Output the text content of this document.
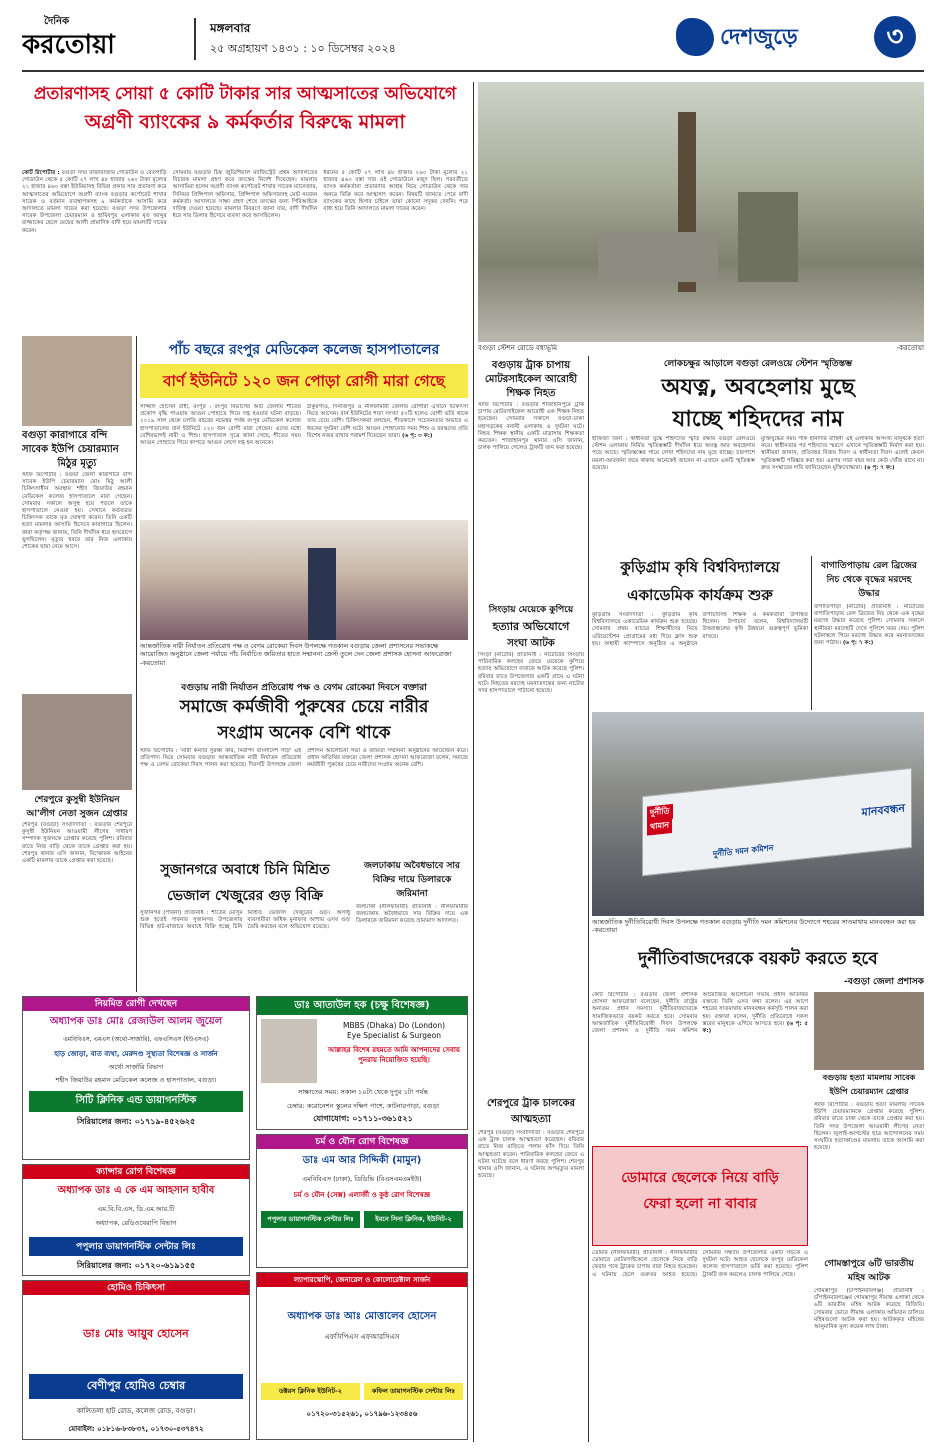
দৈনিক
করতোয়া
মঙ্গলবার
২৫ অগ্রহায়ণ ১৪৩১ : ১০ ডিসেম্বর ২০২৪	দেশজুড়ে	৩
প্রতারণাসহ সোয়া ৫ কোটি টাকার সার আত্মসাতের অভিযোগে
অগ্রণী ব্যাংকের ৯ কর্মকর্তার বিরুদ্ধে মামলা
কোর্ট রিপোর্টার : বগুড়া সদর রাজাবাজার গোডাউন ও বেতগাড়ি গোডাউন থেকে ৫ কোটি ২৭ লাখ ৪৮ হাজার ২৬০ টাকা মূল্যের ২১ হাজার ৪৬০ বস্তা ইউরিয়াসহ বিভিন্ন প্রকার সার প্রতারণা করে আত্মসাতের অভিযোগে অগ্রণী ব্যাংক বগুড়ার কর্পোরেট শাখার সাবেক ও বর্তমান ব্যবস্থাপকসহ ৯ কর্মকর্তাকে আসামি করে আদালতে মামলা দায়ের করা হয়েছে। বগুড়া সদর উপজেলার সাবেক উপজেলা চেয়ারম্যান ও হাবিবপুর এলাকার মৃত আব্দুর রাজ্জাকের ছেলে মেছের আলী প্রামাণিক বাদী হয়ে মামলাটি দায়ের করেন।
সোমবার বগুড়ার চিফ জুডিশিয়াল ম্যাজিস্ট্রেট প্রথম আদালতের বিচারক মামলা গ্রহণ করে তদন্তের নির্দেশ দিয়েছেন। মামলার আসামিরা হলেন অগ্রণী ব্যাংক কর্পোরেট শাখার সাবেক ম্যানেজার, সিনিয়র প্রিন্সিপাল অফিসার, প্রিন্সিপাল অফিসারসহ মোট নয়জন কর্মকর্তা। আদালতে সাক্ষ্য গ্রহণ শেষে তদন্তের জন্য পিবিআইকে দায়িত্ব দেওয়া হয়েছে। মামলার বিবরণে জানা যায়, বাদী দীর্ঘদিন ধরে সার ডিলার হিসেবে ব্যবসা করে আসছিলেন।
ধরনের ৫ কোটি ২৭ লাখ ৪৮ হাজার ২৬০ টাকা মূল্যের ২১ হাজার ৪৬০ বস্তা সার ওই গোডাউনে মজুদ ছিল। পরবর্তীতে ব্যাংক কর্মকর্তারা প্রতারণার আশ্রয় নিয়ে গোডাউন থেকে সার অন্যত্র বিক্রি করে আত্মসাৎ করেন। বিষয়টি জানতে পেরে বাদী ব্যাংকের কাছে হিসাব চাইলে তারা কোনো সদুত্তর দেননি। পরে বাধ্য হয়ে তিনি আদালতে মামলা দায়ের করেন।
বগুড়া স্টেশন রোডে বধ্যভূমি	-করতোয়া
বগুড়া কারাগারে বন্দি
সাবেক ইউপি চেয়ারম্যান
মিঠুর মৃত্যু
স্টাফ রিপোর্টার : বগুড়া জেলা কারাগারে বন্দি সাবেক ইউপি চেয়ারম্যান মোঃ মিঠু আলী চিকিৎসাধীন অবস্থায় শহীদ জিয়াউর রহমান মেডিকেল কলেজ হাসপাতালে মারা গেছেন। সোমবার সকালে অসুস্থ হয়ে পড়লে তাকে হাসপাতালে নেওয়া হয়। সেখানে কর্তব্যরত চিকিৎসক তাকে মৃত ঘোষণা করেন। তিনি একটি হত্যা মামলার আসামি হিসেবে কারাগারে ছিলেন। কারা কর্তৃপক্ষ জানায়, তিনি দীর্ঘদিন ধরে হৃদরোগে ভুগছিলেন। মৃত্যুর খবরে তার নিজ এলাকায় শোকের ছায়া নেমে আসে।
পাঁচ বছরে রংপুর মেডিকেল কলেজ হাসপাতালের
বার্ণ ইউনিটে ১২০ জন পোড়া রোগী মারা গেছে
সাজ্জাদ হোসেন রাহী, রংপুর : রংপুর বিভাগের আট জেলায় শীতের প্রকোপ বৃদ্ধি পাওয়ায় আগুন পোহাতে গিয়ে দগ্ধ হওয়ার ঘটনা বাড়ছে। ২০১৯ সাল থেকে চলতি বছরের নভেম্বর পর্যন্ত রংপুর মেডিকেল কলেজ হাসপাতালের বার্ন ইউনিটে ১২০ জন রোগী মারা গেছেন। এদের মধ্যে বেশিরভাগই নারী ও শিশু। হাসপাতাল সূত্রে জানা গেছে, শীতের সময় আগুন পোহাতে গিয়ে কাপড়ে আগুন লেগে দগ্ধ হন অনেকে।
ঠাকুরগাঁও, দিনাজপুর ও নীলফামারী জেলার রোগীরা এখানে চিকিৎসা নিতে আসেন। বার্ন ইউনিটের শয্যা সংখ্যা ৫০টি হলেও রোগী ভর্তি থাকে তার চেয়ে বেশি। চিকিৎসকরা বলছেন, শীতকালে সচেতনতার অভাবে এ ধরনের দুর্ঘটনা বেশি ঘটে। আগুন পোহানোর সময় শিশু ও বয়স্কদের প্রতি বিশেষ নজর রাখার পরামর্শ দিয়েছেন তারা। (৬ পৃ: ৩ ক:)
আন্তর্জাতিক নারী নির্যাতন প্রতিরোধ পক্ষ ও বেগম রোকেয়া দিবস উপলক্ষে গতকাল বগুড়ায় জেলা প্রশাসনের সভাকক্ষে আয়োজিত অনুষ্ঠানে জেলা পর্যায়ে পাঁচ নির্বাচিত জয়িতার হাতে সম্মাননা ক্রেস্ট তুলে দেন জেলা প্রশাসক হোসনা আফরোজা -করতোয়া
বগুড়ায় নারী নির্যাতন প্রতিরোধ পক্ষ ও বেগম রোকেয়া দিবসে বক্তারা
সমাজে কর্মজীবী পুরুষের চেয়ে নারীর
সংগ্রাম অনেক বেশি থাকে
স্টাফ রিপোর্টার : 'নারী কন্যার সুরক্ষা করি, নিরাপদ বাংলাদেশ গড়ি' এই প্রতিপাদ্য নিয়ে সোমবার বগুড়ায় আন্তর্জাতিক নারী নির্যাতন প্রতিরোধ পক্ষ ও বেগম রোকেয়া দিবস পালন করা হয়েছে। দিবসটি উপলক্ষে জেলা প্রশাসন আলোচনা সভা ও জয়িতা সম্মাননা অনুষ্ঠানের আয়োজন করে। প্রধান অতিথির বক্তব্যে জেলা প্রশাসক হোসনা আফরোজা বলেন, সমাজে কর্মজীবী পুরুষের চেয়ে নারীদের সংগ্রাম অনেক বেশি।
শেরপুরে কুসুম্বী ইউনিয়ন
আ'লীগ নেতা সুজন গ্রেপ্তার
শেরপুর (বগুড়া) সংবাদদাতা : বগুড়ার শেরপুরে কুসুম্বী ইউনিয়ন আওয়ামী লীগের সাধারণ সম্পাদক সুজনকে গ্রেপ্তার করেছে পুলিশ। রবিবার রাতে নিজ বাড়ি থেকে তাকে গ্রেপ্তার করা হয়। শেরপুর থানার ওসি জানান, বিস্ফোরক আইনের একটি মামলায় তাকে গ্রেপ্তার করা হয়েছে।
সুজানগরে অবাধে চিনি মিশ্রিত
ভেজাল খেজুরের গুড় বিক্রি
সুজানগর (পাবনা) প্রতিনিধি : শীতের মৌসুম শুরু হতেই পাবনার সুজানগর উপজেলার বিভিন্ন হাট-বাজারে অবাধে বিক্রি হচ্ছে চিনি মিশ্রিত ভেজাল খেজুরের গুড়। অসাধু ব্যবসায়ীরা অধিক মুনাফার আশায় এসব গুড় তৈরি করছেন বলে অভিযোগ রয়েছে।
জলঢাকায় অবৈধভাবে সার
বিক্রির দায়ে ডিলারকে
জরিমানা
জলঢাকা (নীলফামারী) প্রতিনিধি : নীলফামারীর জলঢাকায় অবৈধভাবে সার বিক্রির দায়ে এক ডিলারকে জরিমানা করেছে ভ্রাম্যমাণ আদালত।
বগুড়ায় ট্রাক চাপায়
মোটরসাইকেল আরোহী
শিক্ষক নিহত
স্টাফ রিপোর্টার : বগুড়ার শাজাহানপুরে ট্রাক চাপায় মোটরসাইকেল আরোহী এক শিক্ষক নিহত হয়েছেন। সোমবার সকালে বগুড়া-ঢাকা মহাসড়কের বনানী এলাকায় এ দুর্ঘটনা ঘটে। নিহত শিক্ষক স্থানীয় একটি মাদ্রাসায় শিক্ষকতা করতেন। শাজাহানপুর থানার ওসি জানান, চালক পালিয়ে গেলেও ট্রাকটি জব্দ করা হয়েছে।
সিংড়ায় মেয়েকে কুপিয়ে
হত্যার অভিযোগে
সংঘা আটক
সিংড়া (নাটোর) প্রতিনিধি : নাটোরের সিংড়ায় পারিবারিক কলহের জেরে মেয়েকে কুপিয়ে হত্যার অভিযোগে বাবাকে আটক করেছে পুলিশ। রবিবার রাতে উপজেলার একটি গ্রামে এ ঘটনা ঘটে। নিহতের মরদেহ ময়নাতদন্তের জন্য নাটোর সদর হাসপাতালে পাঠানো হয়েছে।
লোকচক্ষুর আড়ালে বগুড়া রেলওয়ে স্টেশন স্মৃতিস্তম্ভ
অযত্ন, অবহেলায় মুছে
যাচ্ছে শহিদদের নাম
হাফিজা বিনা : স্বাধীনতা যুদ্ধে শহিদদের স্মৃতি রক্ষায় বগুড়া রেলওয়ে স্টেশন এলাকায় নির্মিত স্মৃতিস্তম্ভটি দীর্ঘদিন ধরে অযত্ন আর অবহেলায় পড়ে আছে। স্মৃতিস্তম্ভের গায়ে লেখা শহিদদের নাম মুছে যাচ্ছে। চারপাশে ময়লা-আবর্জনা জমে থাকায় অনেকেই জানেন না এখানে একটি স্মৃতিস্তম্ভ রয়েছে।
মুক্তিযুদ্ধের সময় পাক হানাদার বাহিনী এই এলাকায় অসংখ্য মানুষকে হত্যা করে। স্বাধীনতার পর শহিদদের স্মরণে এখানে স্মৃতিস্তম্ভটি নির্মাণ করা হয়। স্থানীয়রা জানান, প্রতিবছর বিজয় দিবস ও স্বাধীনতা দিবস এলেই কেবল স্মৃতিস্তম্ভটি পরিষ্কার করা হয়। এরপর সারা বছর আর কেউ খোঁজ রাখে না। দ্রুত সংস্কারের দাবি জানিয়েছেন মুক্তিযোদ্ধারা। (৬ পৃ: ৭ ক:)
কুড়িগ্রাম কৃষি বিশ্ববিদ্যালয়ে
একাডেমিক কার্যক্রম শুরু
কুড়িগ্রাম সংবাদদাতা : কুড়িগ্রাম কৃষি বিশ্ববিদ্যালয়ে একাডেমিক কার্যক্রম শুরু হয়েছে। সোমবার প্রথম ব্যাচের শিক্ষার্থীদের নিয়ে ওরিয়েন্টেশন প্রোগ্রামের মধ্য দিয়ে ক্লাস শুরু হয়। অস্থায়ী ক্যাম্পাসে অনুষ্ঠিত এ অনুষ্ঠানে উপাচার্যসহ শিক্ষক ও কর্মকর্তারা উপস্থিত ছিলেন। উপাচার্য বলেন, বিশ্ববিদ্যালয়টি উত্তরাঞ্চলের কৃষি উন্নয়নে গুরুত্বপূর্ণ ভূমিকা রাখবে।
বাগাতিপাড়ায় রেল ব্রিজের
নিচ থেকে বৃদ্ধের মরদেহ
উদ্ধার
বাগাতিপাড়া (নাটোর) প্রতিনিধি : নাটোরের বাগাতিপাড়ায় রেল ব্রিজের নিচ থেকে এক বৃদ্ধের মরদেহ উদ্ধার করেছে পুলিশ। সোমবার সকালে স্থানীয়রা মরদেহটি দেখে পুলিশে খবর দেয়। পুলিশ ঘটনাস্থলে গিয়ে মরদেহ উদ্ধার করে ময়নাতদন্তের জন্য পাঠায়। (৬ পৃ: ৭ ক:)
দুর্নীতি
থামান
মানববন্ধন
দুর্নীতি দমন কমিশন
আন্তর্জাতিক দুর্নীতিবিরোধী দিবস উপলক্ষে গতকাল বগুড়ায় দুর্নীতি দমন কমিশনের উদ্যোগে শহরের সাতমাথায় মানববন্ধন করা হয় -করতোয়া
দুর্নীতিবাজদেরকে বয়কট করতে হবে
-বগুড়া জেলা প্রশাসক
কোর্ট রিপোর্টার : বগুড়ার জেলা প্রশাসক হোসনা আফরোজা বলেছেন, দুর্নীতি রাষ্ট্রের অন্যতম প্রধান সমস্যা। দুর্নীতিবাজদেরকে সামাজিকভাবে বয়কট করতে হবে। সোমবার আন্তর্জাতিক দুর্নীতিবিরোধী দিবস উপলক্ষে জেলা প্রশাসন ও দুর্নীতি দমন কমিশন আয়োজিত আলোচনা সভায় প্রধান অতিথির বক্তব্যে তিনি এসব কথা বলেন। এর আগে শহরের সাতমাথায় মানববন্ধন কর্মসূচি পালন করা হয়। বক্তারা বলেন, দুর্নীতি প্রতিরোধে সকল স্তরের মানুষকে এগিয়ে আসতে হবে। (৬ পৃ: ৫ ক:)
বগুড়ায় হত্যা মামলায় সাবেক
ইউপি চেয়ারম্যান গ্রেপ্তার
স্টাফ রিপোর্টার : বগুড়ায় হত্যা মামলায় সাবেক ইউপি চেয়ারম্যানকে গ্রেপ্তার করেছে পুলিশ। রবিবার রাতে ঢাকা থেকে তাকে গ্রেপ্তার করা হয়। তিনি সদর উপজেলা আওয়ামী লীগের নেতা ছিলেন। জুলাই-আগস্টের ছাত্র আন্দোলনের সময় সংঘটিত হত্যাকাণ্ডের মামলায় তাকে আসামি করা হয়েছে।
শেরপুরে ট্রাক চালকের
আত্মহত্যা
শেরপুর (বগুড়া) সংবাদদাতা : বগুড়ার শেরপুরে এক ট্রাক চালক আত্মহত্যা করেছেন। রবিবার রাতে নিজ বাড়িতে গলায় ফাঁস দিয়ে তিনি আত্মহত্যা করেন। পারিবারিক কলহের জেরে এ ঘটনা ঘটেছে বলে ধারণা করছে পুলিশ। শেরপুর থানার ওসি জানান, এ ঘটনায় অপমৃত্যুর মামলা হয়েছে।	ডোমারে ছেলেকে নিয়ে বাড়ি
ফেরা হলো না বাবার
ডোমার (নীলফামারী) প্রতিনিধি : নীলফামারীর ডোমারে মোটরসাইকেলে ছেলেকে নিয়ে বাড়ি ফেরার পথে ট্রাকের চাপায় বাবা নিহত হয়েছেন। এ ঘটনায় ছেলে গুরুতর আহত হয়েছে। সোমবার সন্ধ্যায় উপজেলার একটি সড়কে এ দুর্ঘটনা ঘটে। আহত ছেলেকে রংপুর মেডিকেল কলেজ হাসপাতালে ভর্তি করা হয়েছে। পুলিশ ট্রাকটি জব্দ করলেও চালক পালিয়ে গেছে।
গোমস্তাপুরে ৬টি ভারতীয়
মহিষ আটক
গোমস্তাপুর (চাঁপাইনবাবগঞ্জ) প্রতিনিধি : চাঁপাইনবাবগঞ্জের গোমস্তাপুর সীমান্ত এলাকা থেকে ৬টি ভারতীয় মহিষ আটক করেছে বিজিবি। সোমবার ভোরে সীমান্ত এলাকায় অভিযান চালিয়ে মহিষগুলো আটক করা হয়। আটককৃত মহিষের আনুমানিক মূল্য কয়েক লাখ টাকা।
নিয়মিত রোগী দেখছেন
অধ্যাপক ডাঃ মোঃ রেজাউল আলম জুয়েল
এমবিবিএস, এমএস (অর্থো-সার্জারি), এফএসিএস (ইউএসএ)
হাড় জোড়া, বাত ব্যথা, মেরুদণ্ড সুস্থ্যতা বিশেষজ্ঞ ও সার্জন
অর্থো সার্জারি বিভাগ
শহীদ জিয়াউর রহমান মেডিকেল কলেজ ও হাসপাতাল, বগুড়া।
সিটি ক্লিনিক এন্ড ডায়াগনস্টিক
সিরিয়ালের জন্য: ০১৭১৯-৪৫২৬২৫
ক্যান্সার রোগ বিশেষজ্ঞ
অধ্যাপক ডাঃ এ কে এম আহসান হাবীব
এম.বি.বি.এস, ডি.এম.আর.টি
অধ্যাপক, রেডিওথেরাপি বিভাগ
পপুলার ডায়াগনস্টিক সেন্টার লিঃ
সিরিয়ালের জন্য: ০১৭২০-৬১৯১৫৫
হোমিও চিকিৎসা
ডাঃ মোঃ আয়ুব হোসেন
বেণীপুর হোমিও চেম্বার
কালিতলা হাট রোড, কলেজ রোড, বগুড়া।
মোবাইল: ০১৮১৬-৮৩৮৩৭, ০১৭৩০-৫৩৭৪৭২
ডাঃ আতাউল হক (চক্ষু বিশেষজ্ঞ)
MBBS (Dhaka) Do (London)
Eye Specialist & Surgeon
আল্লাহর বিশেষ রহমতে আমি আপনাদের সেবায় পুনরায় নিয়োজিত হয়েছি।
সাক্ষাতের সময়: সকাল ১০টা থেকে দুপুর ১টা পর্যন্ত
চেম্বার: করোনেশন স্কুলের দক্ষিণ পাশে, কাটনারপাড়া, বগুড়া
যোগাযোগ: ০১৭১১-৩৬১৫২১
চর্ম ও যৌন রোগ বিশেষজ্ঞ
ডাঃ এম আর সিদ্দিকী (মামুন)
এমবিবিএস (ঢাকা), ডিডিভি (বিএসএমএমইউ)
চর্ম ও যৌন (সেক্স) এলার্জী ও কুষ্ঠ রোগ বিশেষজ্ঞ
পপুলার ডায়াগনস্টিক সেন্টার লিঃ	ইবনে সিনা ক্লিনিক, ইউনিট-২
ল্যাপারস্কোপি, জেনারেল ও কোলোরেক্টাল সার্জন
অধ্যাপক ডাঃ আঃ মোত্তালেব হোসেন
এফসিপিএস এফআরসিএস
ডক্টরস ক্লিনিক ইউনিট-২	কফিল ডায়াগনস্টিক সেন্টার লিঃ
০১৭২০-৩১৫২৬১, ০১৭৯৬-১২৩৪৫৬
